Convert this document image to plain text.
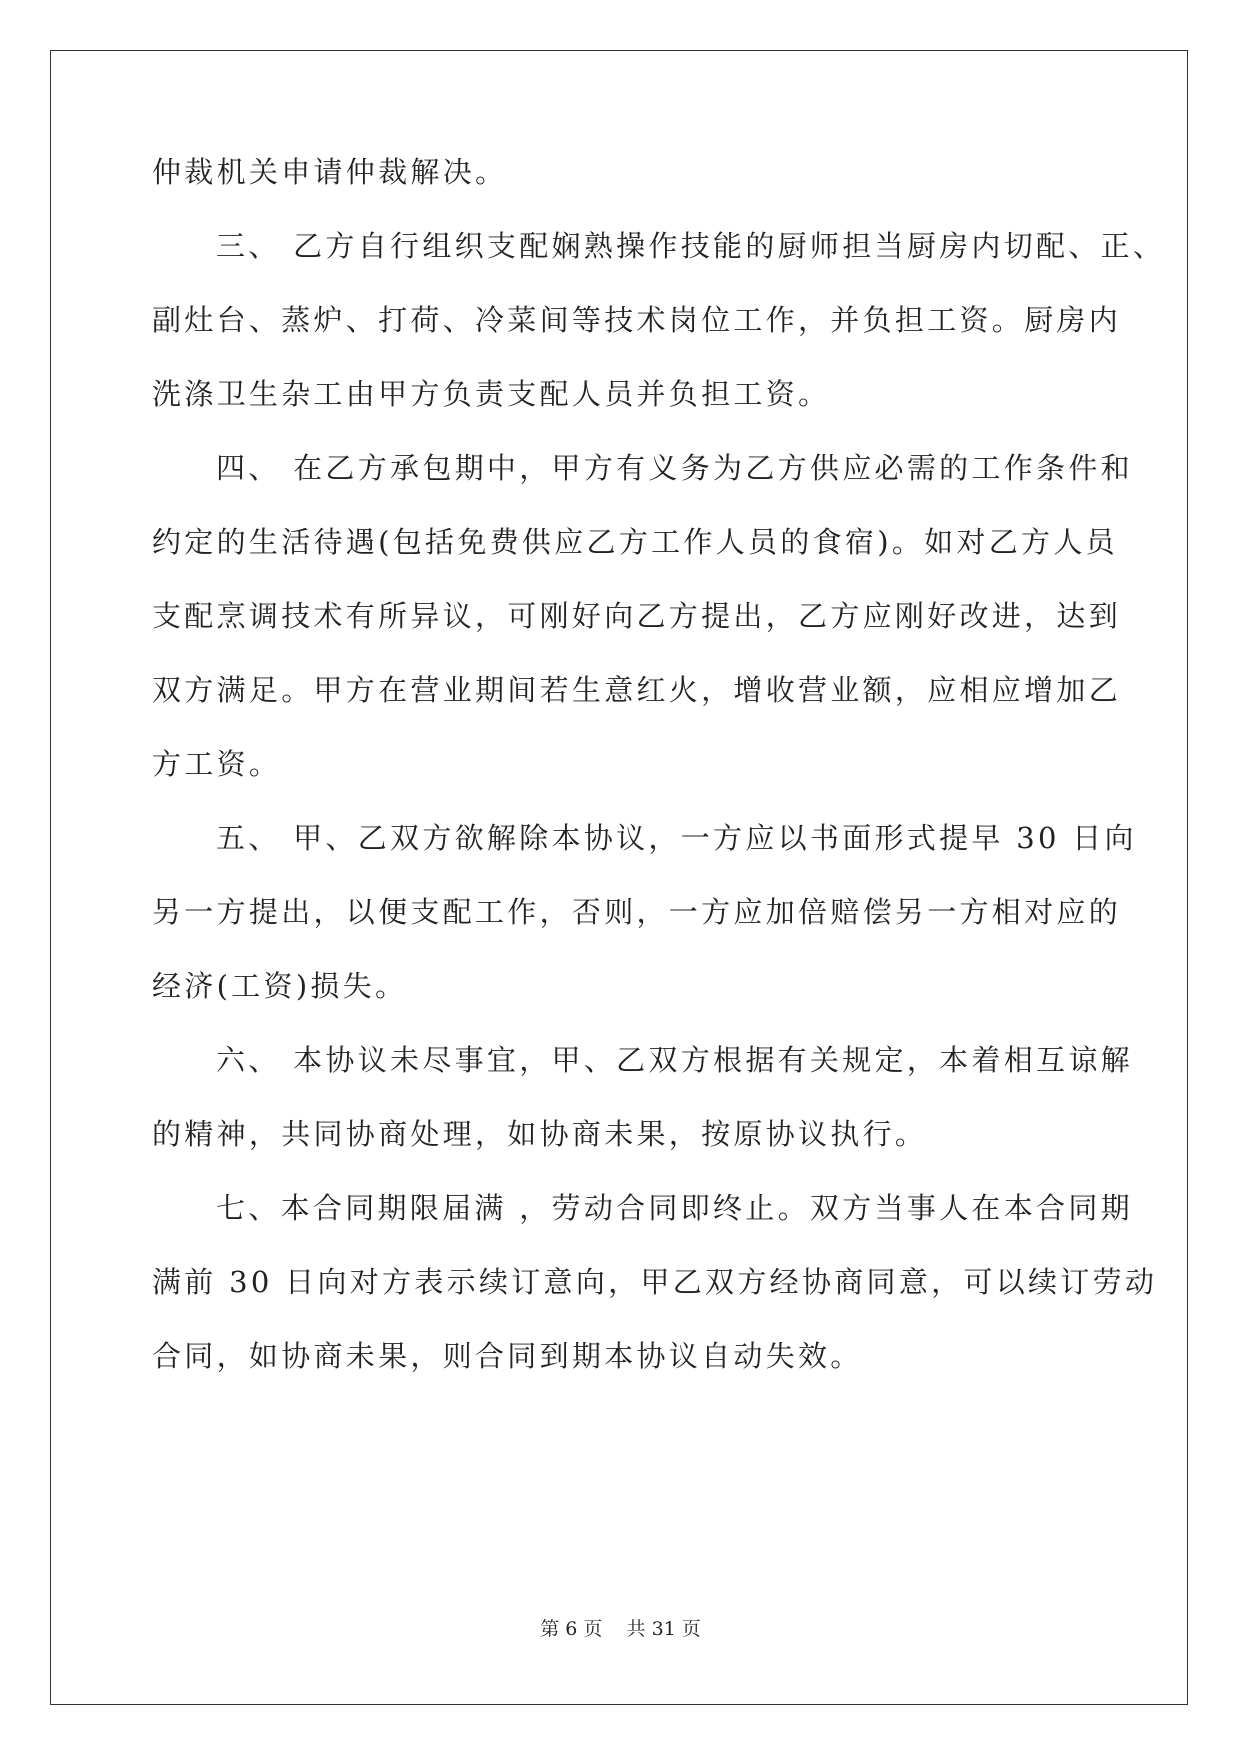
仲裁机关申请仲裁解决。
三、 乙方自行组织支配娴熟操作技能的厨师担当厨房内切配、正、
副灶台、蒸炉、打荷、冷菜间等技术岗位工作，并负担工资。厨房内
洗涤卫生杂工由甲方负责支配人员并负担工资。
四、 在乙方承包期中，甲方有义务为乙方供应必需的工作条件和
约定的生活待遇(包括免费供应乙方工作人员的食宿)。如对乙方人员
支配烹调技术有所异议，可刚好向乙方提出，乙方应刚好改进，达到
双方满足。甲方在营业期间若生意红火，增收营业额，应相应增加乙
方工资。
五、 甲、乙双方欲解除本协议，一方应以书面形式提早 30 日向
另一方提出，以便支配工作，否则，一方应加倍赔偿另一方相对应的
经济(工资)损失。
六、 本协议未尽事宜，甲、乙双方根据有关规定，本着相互谅解
的精神，共同协商处理，如协商未果，按原协议执行。
七、本合同期限届满 ，劳动合同即终止。双方当事人在本合同期
满前 30 日向对方表示续订意向，甲乙双方经协商同意，可以续订劳动
合同，如协商未果，则合同到期本协议自动失效。
第 6 页    共 31 页
